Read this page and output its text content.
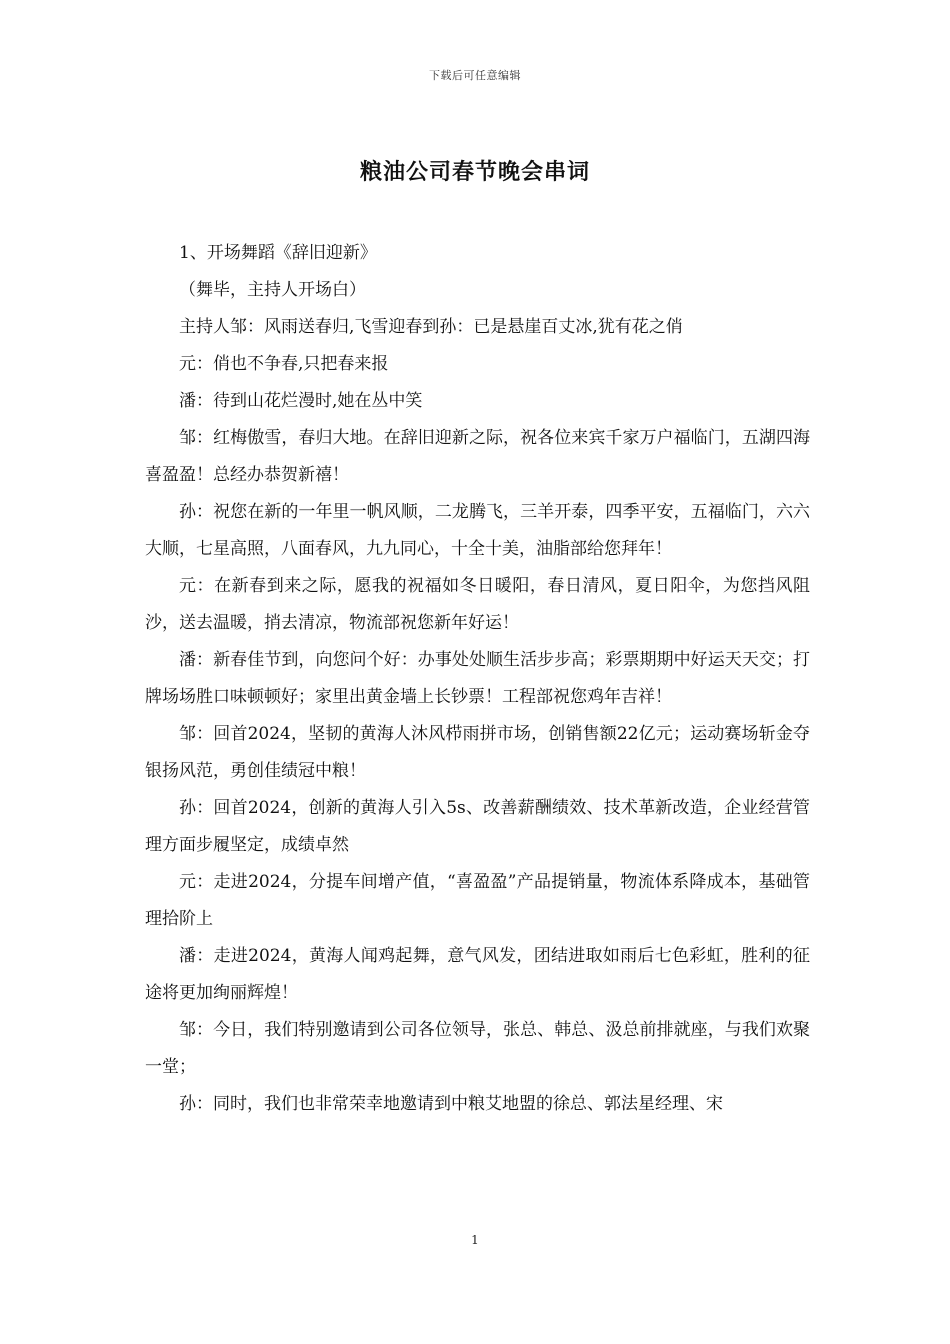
下载后可任意编辑
粮油公司春节晚会串词

1、开场舞蹈《辞旧迎新》

（舞毕，主持人开场白）

主持人邹：风雨送春归,飞雪迎春到孙：已是悬崖百丈冰,犹有花之俏

元：俏也不争春,只把春来报

潘：待到山花烂漫时,她在丛中笑

邹：红梅傲雪，春归大地。在辞旧迎新之际，祝各位来宾千家万户福临门，五湖四海喜盈盈！总经办恭贺新禧！

孙：祝您在新的一年里一帆风顺，二龙腾飞，三羊开泰，四季平安，五福临门，六六大顺，七星高照，八面春风，九九同心，十全十美，油脂部给您拜年！

元：在新春到来之际，愿我的祝福如冬日暖阳，春日清风，夏日阳伞，为您挡风阻沙，送去温暖，捎去清凉，物流部祝您新年好运！

潘：新春佳节到，向您问个好：办事处处顺生活步步高；彩票期期中好运天天交；打牌场场胜口味顿顿好；家里出黄金墙上长钞票！工程部祝您鸡年吉祥！

邹：回首2024，坚韧的黄海人沐风栉雨拼市场，创销售额22亿元；运动赛场斩金夺银扬风范，勇创佳绩冠中粮！

孙：回首2024，创新的黄海人引入5s、改善薪酬绩效、技术革新改造，企业经营管理方面步履坚定，成绩卓然

元：走进2024，分提车间增产值，“喜盈盈”产品提销量，物流体系降成本，基础管理拾阶上

潘：走进2024，黄海人闻鸡起舞，意气风发，团结进取如雨后七色彩虹，胜利的征途将更加绚丽辉煌！

邹：今日，我们特别邀请到公司各位领导，张总、韩总、汲总前排就座，与我们欢聚一堂；

孙：同时，我们也非常荣幸地邀请到中粮艾地盟的徐总、郭法星经理、宋

1
